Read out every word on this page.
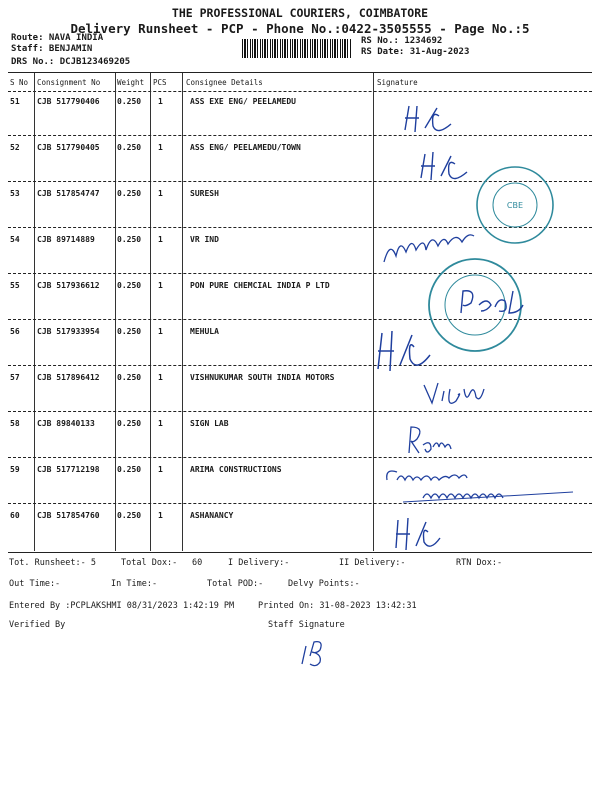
THE PROFESSIONAL COURIERS, COIMBATORE
Delivery Runsheet - PCP - Phone No.:0422-3505555 - Page No.:5
Route: NAVA INDIA
Staff: BENJAMIN
DRS No.: DCJB123469205
RS No.: 1234692
RS Date: 31-Aug-2023
S No Consignment No Weight PCS	Consignee Details	Signature
51 CJB 517790406 0.250 1	ASS EXE ENG/ PEELAMEDU
52 CJB 517790405 0.250 1	ASS ENG/ PEELAMEDU/TOWN
53 CJB 517854747 0.250 1	SURESH
54 CJB 89714889	0.250 1	VR IND
55 CJB 517936612 0.250 1	PON PURE CHEMCIAL INDIA P LTD
56 CJB 517933954 0.250 1	MEHULA
57 CJB 517896412 0.250 1	VISHNUKUMAR SOUTH INDIA MOTORS
58 CJB 89840133	0.250 1	SIGN LAB
59 CJB 517712198 0.250 1	ARIMA CONSTRUCTIONS
60 CJB 517854760 0.250 1	ASHANANCY
CBE
Tot. Runsheet:- 5	Total Dox:- 60	I Delivery:-	II Delivery:-	RTN Dox:-
Out Time:-	In Time:-	Total POD:-	Delvy Points:-
Entered By :PCPLAKSHMI 08/31/2023 1:42:19 PM	Printed On: 31-08-2023 13:42:31
Verified By	Staff Signature
